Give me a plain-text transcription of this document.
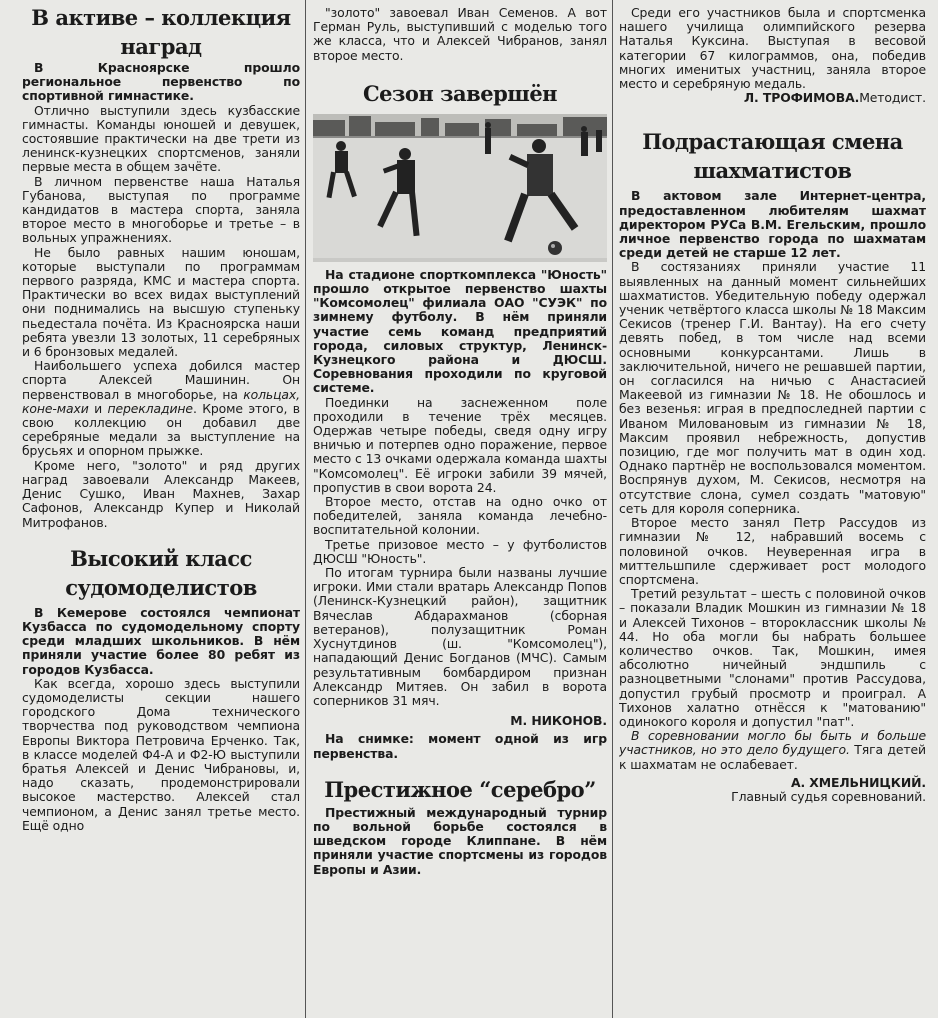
В активе – коллекция наград

В Красноярске прошло региональное первенство по спортивной гимнастике.

Отлично выступили здесь кузбасские гимнасты. Команды юношей и девушек, состоявшие практически на две трети из ленинск-кузнецких спортсменов, заняли первые места в общем зачёте.

В личном первенстве наша Наталья Губанова, выступая по программе кандидатов в мастера спорта, заняла второе место в многоборье и третье – в вольных упражнениях.

Не было равных нашим юношам, которые выступали по программам первого разряда, КМС и мастера спорта. Практически во всех видах выступлений они поднимались на высшую ступеньку пьедестала почёта. Из Красноярска наши ребята увезли 13 золотых, 11 серебряных и 6 бронзовых медалей.

Наибольшего успеха добился мастер спорта Алексей Машинин. Он первенствовал в многоборье, на кольцах, коне-махи и перекладине. Кроме этого, в свою коллекцию он добавил две серебряные медали за выступление на брусьях и опорном прыжке.

Кроме него, "золото" и ряд других наград завоевали Александр Макеев, Денис Сушко, Иван Махнев, Захар Сафонов, Александр Купер и Николай Митрофанов.

Высокий класс судомоделистов

В Кемерове состоялся чемпионат Кузбасса по судомодельному спорту среди младших школьников. В нём приняли участие более 80 ребят из городов Кузбасса.

Как всегда, хорошо здесь выступили судомоделисты секции нашего городского Дома технического творчества под руководством чемпиона Европы Виктора Петровича Ерченко. Так, в классе моделей Ф4-А и Ф2-Ю выступили братья Алексей и Денис Чибрановы, и, надо сказать, продемонстрировали высокое мастерство. Алексей стал чемпионом, а Денис занял третье место. Ещё одно

"золото" завоевал Иван Семенов. А вот Герман Руль, выступивший с моделью того же класса, что и Алексей Чибранов, занял второе место.

Сезон завершён

На стадионе спорткомплекса "Юность" прошло открытое первенство шахты "Комсомолец" филиала ОАО "СУЭК" по зимнему футболу. В нём приняли участие семь команд предприятий города, силовых структур, Ленинск-Кузнецкого района и ДЮСШ. Соревнования проходили по круговой системе.

Поединки на заснеженном поле проходили в течение трёх месяцев. Одержав четыре победы, сведя одну игру вничью и потерпев одно поражение, первое место с 13 очками одержала команда шахты "Комсомолец". Её игроки забили 39 мячей, пропустив в свои ворота 24.

Второе место, отстав на одно очко от победителей, заняла команда лечебно-воспитательной колонии.

Третье призовое место – у футболистов ДЮСШ "Юность".

По итогам турнира были названы лучшие игроки. Ими стали вратарь Александр Попов (Ленинск-Кузнецкий район), защитник Вячеслав Абдарахманов (сборная ветеранов), полузащитник Роман Хуснутдинов (ш. "Комсомолец"), нападающий Денис Богданов (МЧС). Самым результативным бомбардиром признан Александр Митяев. Он забил в ворота соперников 31 мяч.

М. НИКОНОВ.

На снимке: момент одной из игр первенства.

Престижное “серебро”

Престижный международный турнир по вольной борьбе состоялся в шведском городе Клиппане. В нём приняли участие спортсмены из городов Европы и Азии.

Среди его участников была и спортсменка нашего училища олимпийского резерва Наталья Куксина. Выступая в весовой категории 67 килограммов, она, победив многих именитых участниц, заняла второе место и серебряную медаль.

Л. ТРОФИМОВА.Методист.

Подрастающая смена шахматистов

В актовом зале Интернет-центра, предоставленном любителям шахмат директором РУСа В.М. Егельским, прошло личное первенство города по шахматам среди детей не старше 12 лет.

В состязаниях приняли участие 11 выявленных на данный момент сильнейших шахматистов. Убедительную победу одержал ученик четвёртого класса школы № 18 Максим Секисов (тренер Г.И. Вантау). На его счету девять побед, в том числе над всеми основными конкурсантами. Лишь в заключительной, ничего не решавшей партии, он согласился на ничью с Анастасией Макеевой из гимназии № 18. Не обошлось и без везенья: играя в предпоследней партии с Иваном Миловановым из гимназии № 18, Максим проявил небрежность, допустив позицию, где мог получить мат в один ход. Однако партнёр не воспользовался моментом. Воспрянув духом, М. Секисов, несмотря на отсутствие слона, сумел создать "матовую" сеть для короля соперника.

Второе место занял Петр Рассудов из гимназии № 12, набравший восемь с половиной очков. Неуверенная игра в миттельшпиле сдерживает рост молодого спортсмена.

Третий результат – шесть с половиной очков – показали Владик Мошкин из гимназии № 18 и Алексей Тихонов – второклассник школы № 44. Но оба могли бы набрать большее количество очков. Так, Мошкин, имея абсолютно ничейный эндшпиль с разноцветными "слонами" против Рассудова, допустил грубый просмотр и проиграл. А Тихонов халатно отнёсся к "матованию" одинокого короля и допустил "пат".

В соревновании могло бы быть и больше участников, но это дело будущего. Тяга детей к шахматам не ослабевает.

А. ХМЕЛЬНИЦКИЙ.

Главный судья соревнований.
